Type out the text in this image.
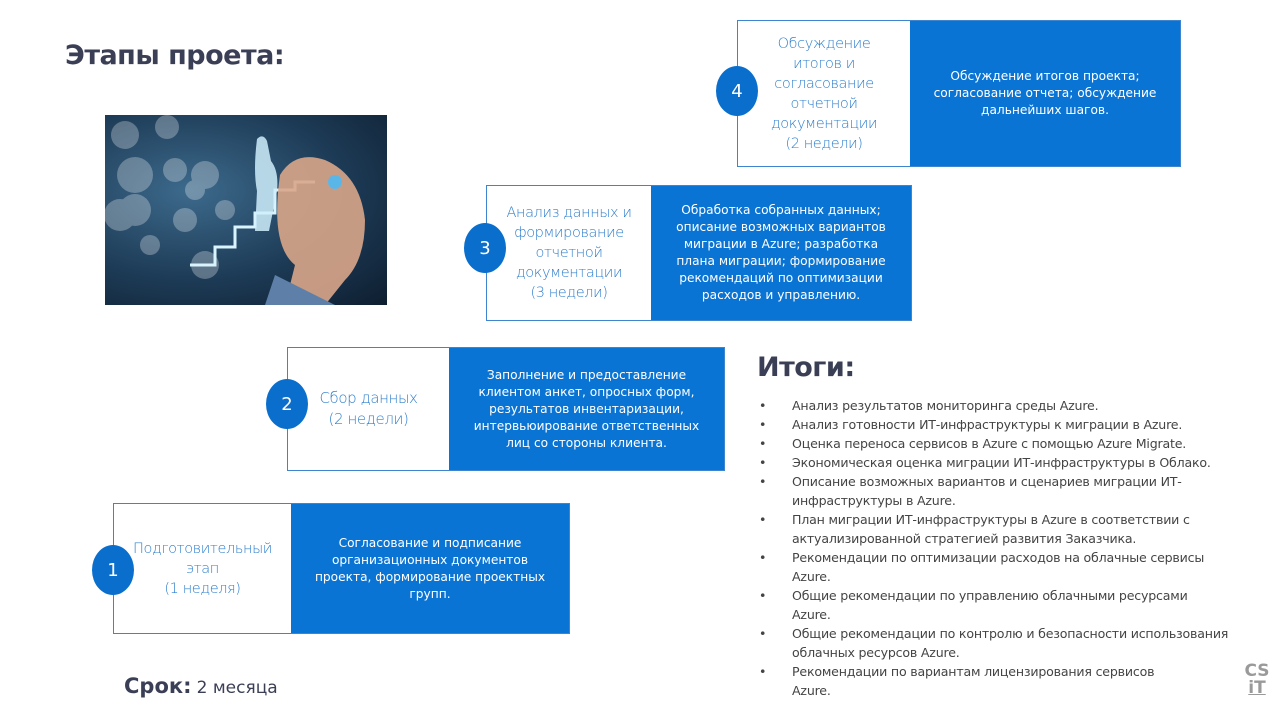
Этапы проета:	Обсуждение
итогов и
согласование
отчетной
документации
(2 недели)
Обсуждение итогов проекта;
согласование отчета; обсуждение
дальнейших шагов.
4
Анализ данных и
формирование
отчетной
документации
(3 недели)
Обработка собранных данных;
описание возможных вариантов
миграции в Azure; разработка
плана миграции; формирование
рекомендаций по оптимизации
расходов и управлению.
3
Сбор данных
(2 недели)
Заполнение и предоставление
клиентом анкет, опросных форм,
результатов инвентаризации,
интервьюирование ответственных
лиц со стороны клиента.
2
Подготовительный
этап
(1 неделя)
Согласование и подписание
организационных документов
проекта, формирование проектных
групп.
1
Итоги:
• Анализ результатов мониторинга среды Azure.
• Анализ готовности ИТ-инфраструктуры к миграции в Azure.
• Оценка переноса сервисов в Azure с помощью Azure Migrate.
• Экономическая оценка миграции ИТ-инфраструктуры в Облако.
• Описание возможных вариантов и сценариев миграции ИТ-
инфраструктуры в Azure.
• План миграции ИТ-инфраструктуры в Azure в соответствии с
актуализированной стратегией развития Заказчика.
• Рекомендации по оптимизации расходов на облачные сервисы
Azure.
• Общие рекомендации по управлению облачными ресурсами
Azure.
• Общие рекомендации по контролю и безопасности использования
облачных ресурсов Azure.
• Рекомендации по вариантам лицензирования сервисов
Azure.
Срок: 2 месяца
CS
iT
